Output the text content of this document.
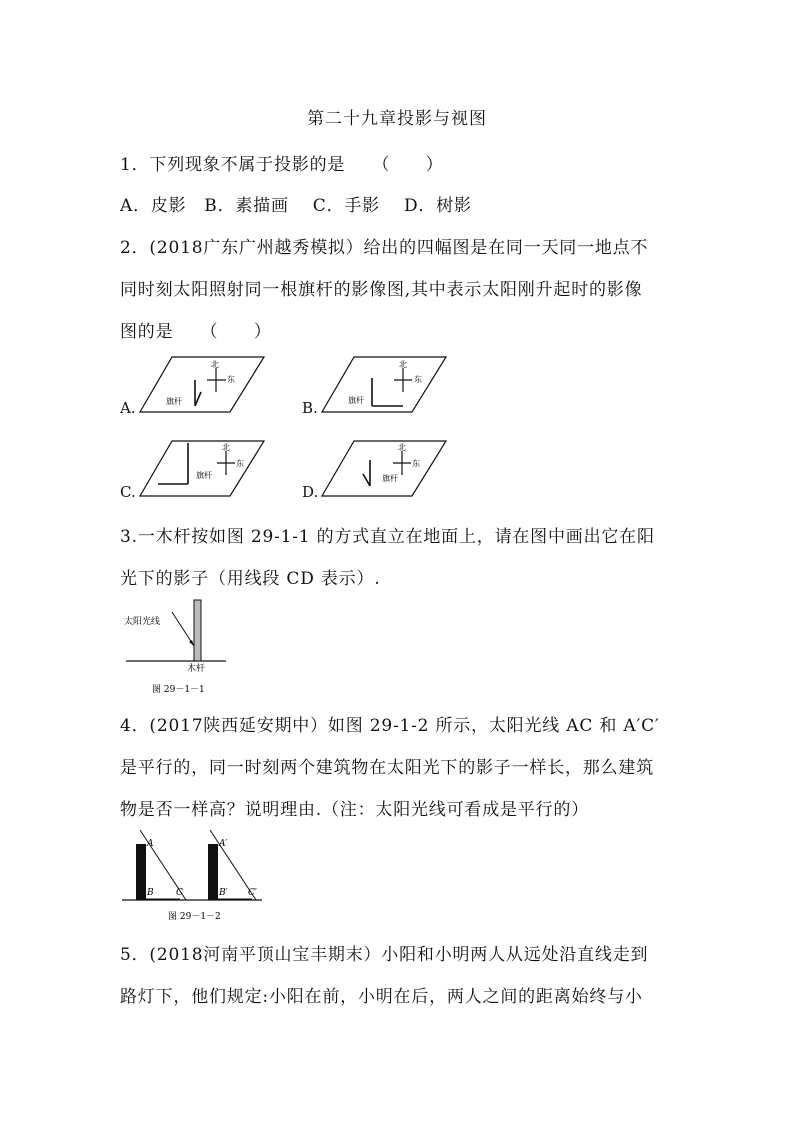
第二十九章投影与视图
1．下列现象不属于投影的是　　（　　）
A．皮影　B．素描画　 C．手影　 D．树影
2．(2018广东广州越秀模拟）给出的四幅图是在同一天同一地点不
同时刻太阳照射同一根旗杆的影像图,其中表示太阳刚升起时的影像
图的是　　（　　）
A.
北
东
旗杆	B.
北
东
旗杆
C.
北
东
旗杆
D.
北
东
旗杆
3.一木杆按如图 29-1-1 的方式直立在地面上，请在图中画出它在阳
光下的影子（用线段 CD 表示）.
太阳光线
木杆
图 29－1－1
4．(2017陕西延安期中）如图 29-1-2 所示，太阳光线 AC 和 A′C′
是平行的，同一时刻两个建筑物在太阳光下的影子一样长，那么建筑
物是否一样高？说明理由.（注：太阳光线可看成是平行的）
A
B C
A′
B′ C′
图 29－1－2
5．(2018河南平顶山宝丰期末）小阳和小明两人从远处沿直线走到
路灯下，他们规定:小阳在前，小明在后，两人之间的距离始终与小
